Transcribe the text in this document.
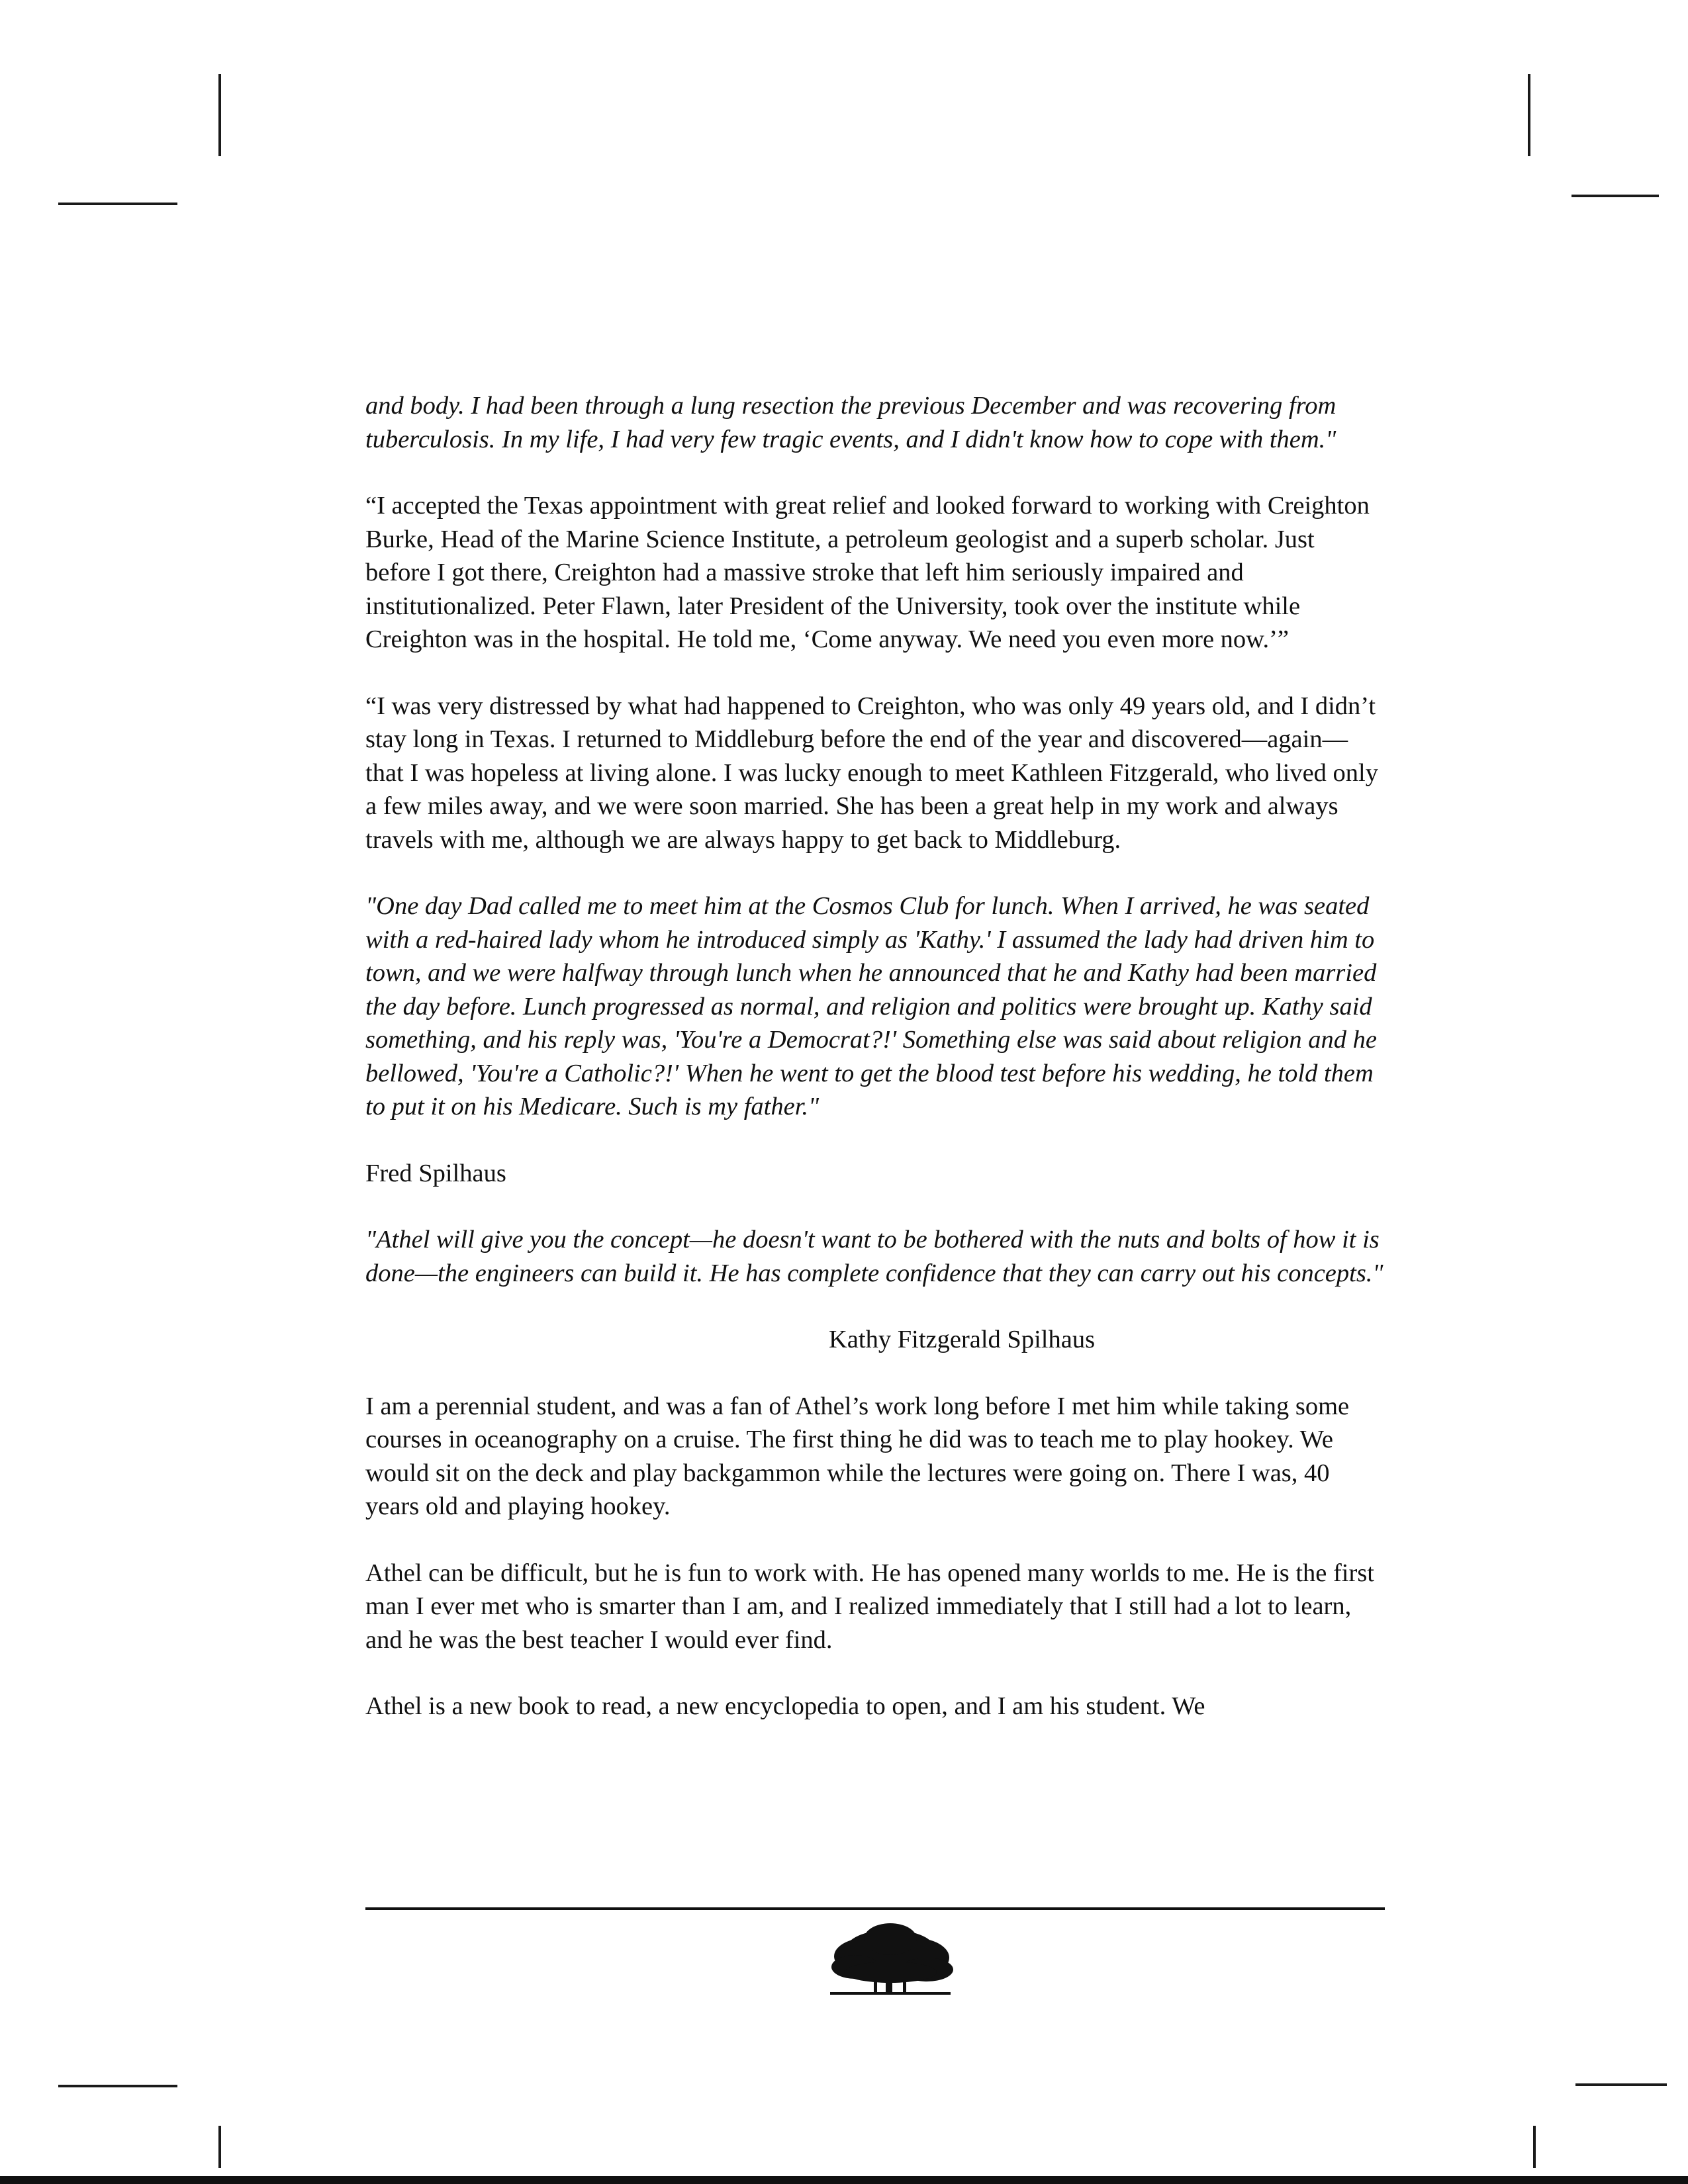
and body. I had been through a lung resection the previous December and was recovering from tuberculosis. In my life, I had very few tragic events, and I didn't know how to cope with them."

“I accepted the Texas appointment with great relief and looked forward to working with Creighton Burke, Head of the Marine Science Institute, a petroleum geologist and a superb scholar. Just before I got there, Creighton had a massive stroke that left him seriously impaired and institutionalized. Peter Flawn, later President of the University, took over the institute while Creighton was in the hospital. He told me, ‘Come anyway. We need you even more now.’”

“I was very distressed by what had happened to Creighton, who was only 49 years old, and I didn’t stay long in Texas. I returned to Middleburg before the end of the year and discovered—again—that I was hopeless at living alone. I was lucky enough to meet Kathleen Fitzgerald, who lived only a few miles away, and we were soon married. She has been a great help in my work and always travels with me, although we are always happy to get back to Middleburg.

"One day Dad called me to meet him at the Cosmos Club for lunch. When I arrived, he was seated with a red-haired lady whom he introduced simply as 'Kathy.' I assumed the lady had driven him to town, and we were halfway through lunch when he announced that he and Kathy had been married the day before. Lunch progressed as normal, and religion and politics were brought up. Kathy said something, and his reply was, 'You're a Democrat?!' Something else was said about religion and he bellowed, 'You're a Catholic?!' When he went to get the blood test before his wedding, he told them to put it on his Medicare. Such is my father."

Fred Spilhaus

"Athel will give you the concept—he doesn't want to be bothered with the nuts and bolts of how it is done—the engineers can build it. He has complete confidence that they can carry out his concepts."

Kathy Fitzgerald Spilhaus

I am a perennial student, and was a fan of Athel’s work long before I met him while taking some courses in oceanography on a cruise. The first thing he did was to teach me to play hookey. We would sit on the deck and play backgammon while the lectures were going on. There I was, 40 years old and playing hookey.

Athel can be difficult, but he is fun to work with. He has opened many worlds to me. He is the first man I ever met who is smarter than I am, and I realized immediately that I still had a lot to learn, and he was the best teacher I would ever find.

Athel is a new book to read, a new encyclopedia to open, and I am his student. We
